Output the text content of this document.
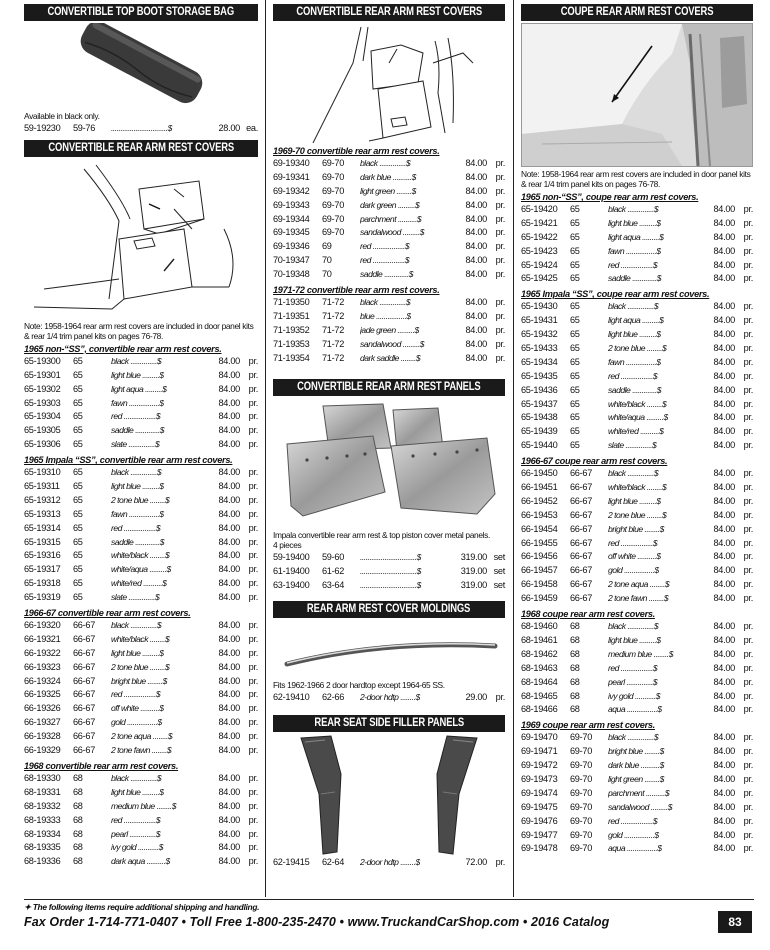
CONVERTIBLE TOP BOOT STORAGE BAG
Available in black only.
59-19230	59-76	..............................$	28.00 ea.
CONVERTIBLE REAR ARM REST COVERS
Note: 1958-1964 rear arm rest covers are included in door panel kits & rear 1/4 trim panel kits on pages 76-78.
1965 non-“SS”, convertible rear arm rest covers.
65-19300	65	black ..............$	84.00 pr.
65-19301	65	light blue .........$	84.00 pr.
65-19302	65	light aqua .........$	84.00 pr.
65-19303	65	fawn ................$	84.00 pr.
65-19304	65	red .................$	84.00 pr.
65-19305	65	saddle .............$	84.00 pr.
65-19306	65	slate ..............$	84.00 pr.
1965 Impala “SS”, convertible rear arm rest covers.
65-19310	65	black ..............$	84.00 pr.
65-19311	65	light blue .........$	84.00 pr.
65-19312	65	2 tone blue ........$	84.00 pr.
65-19313	65	fawn ................$	84.00 pr.
65-19314	65	red .................$	84.00 pr.
65-19315	65	saddle .............$	84.00 pr.
65-19316	65	white/black ........$	84.00 pr.
65-19317	65	white/aqua .........$	84.00 pr.
65-19318	65	white/red ..........$	84.00 pr.
65-19319	65	slate ..............$	84.00 pr.
1966-67 convertible rear arm rest covers.
66-19320	66-67	black ..............$	84.00 pr.
66-19321	66-67	white/black ........$	84.00 pr.
66-19322	66-67	light blue .........$	84.00 pr.
66-19323	66-67	2 tone blue ........$	84.00 pr.
66-19324	66-67	bright blue ........$	84.00 pr.
66-19325	66-67	red .................$	84.00 pr.
66-19326	66-67	off white ..........$	84.00 pr.
66-19327	66-67	gold ................$	84.00 pr.
66-19328	66-67	2 tone aqua ........$	84.00 pr.
66-19329	66-67	2 tone fawn ........$	84.00 pr.
1968 convertible rear arm rest covers.
68-19330	68	black ..............$	84.00 pr.
68-19331	68	light blue .........$	84.00 pr.
68-19332	68	medium blue ........$	84.00 pr.
68-19333	68	red .................$	84.00 pr.
68-19334	68	pearl ..............$	84.00 pr.
68-19335	68	ivy gold ...........$	84.00 pr.
68-19336	68	dark aqua ..........$	84.00 pr.
CONVERTIBLE REAR ARM REST COVERS
1969-70 convertible rear arm rest covers.
69-19340	69-70	black ..............$	84.00 pr.
69-19341	69-70	dark blue ..........$	84.00 pr.
69-19342	69-70	light green ........$	84.00 pr.
69-19343	69-70	dark green .........$	84.00 pr.
69-19344	69-70	parchment ..........$	84.00 pr.
69-19345	69-70	sandalwood .........$	84.00 pr.
69-19346	69	red .................$	84.00 pr.
70-19347	70	red .................$	84.00 pr.
70-19348	70	saddle .............$	84.00 pr.
1971-72 convertible rear arm rest covers.
71-19350	71-72	black ..............$	84.00 pr.
71-19351	71-72	blue ................$	84.00 pr.
71-19352	71-72	jade green .........$	84.00 pr.
71-19353	71-72	sandalwood .........$	84.00 pr.
71-19354	71-72	dark saddle ........$	84.00 pr.
CONVERTIBLE REAR ARM REST PANELS
Impala convertible rear arm rest & top piston cover metal panels.
4 pieces
59-19400	59-60	..............................$	319.00 set
61-19400	61-62	..............................$	319.00 set
63-19400	63-64	..............................$	319.00 set
REAR ARM REST COVER MOLDINGS
Fits 1962-1966 2 door hardtop except 1964-65 SS.
62-19410	62-66	2-door hdtp ........$	29.00 pr.
REAR SEAT SIDE FILLER PANELS
62-19415	62-64	2-door hdtp ........$	72.00 pr.
COUPE REAR ARM REST COVERS
Note: 1958-1964 rear arm rest covers are included in door panel kits & rear 1/4 trim panel kits on pages 76-78.
1965 non-“SS”, coupe rear arm rest covers.
65-19420	65	black ..............$	84.00 pr.
65-19421	65	light blue .........$	84.00 pr.
65-19422	65	light aqua .........$	84.00 pr.
65-19423	65	fawn ................$	84.00 pr.
65-19424	65	red .................$	84.00 pr.
65-19425	65	saddle .............$	84.00 pr.
1965 Impala “SS”, coupe rear arm rest covers.
65-19430	65	black ..............$	84.00 pr.
65-19431	65	light aqua .........$	84.00 pr.
65-19432	65	light blue .........$	84.00 pr.
65-19433	65	2 tone blue ........$	84.00 pr.
65-19434	65	fawn ................$	84.00 pr.
65-19435	65	red .................$	84.00 pr.
65-19436	65	saddle .............$	84.00 pr.
65-19437	65	white/black ........$	84.00 pr.
65-19438	65	white/aqua .........$	84.00 pr.
65-19439	65	white/red ..........$	84.00 pr.
65-19440	65	slate ..............$	84.00 pr.
1966-67 coupe rear arm rest covers.
66-19450	66-67	black ..............$	84.00 pr.
66-19451	66-67	white/black ........$	84.00 pr.
66-19452	66-67	light blue .........$	84.00 pr.
66-19453	66-67	2 tone blue ........$	84.00 pr.
66-19454	66-67	bright blue ........$	84.00 pr.
66-19455	66-67	red .................$	84.00 pr.
66-19456	66-67	off white ..........$	84.00 pr.
66-19457	66-67	gold ................$	84.00 pr.
66-19458	66-67	2 tone aqua ........$	84.00 pr.
66-19459	66-67	2 tone fawn ........$	84.00 pr.
1968 coupe rear arm rest covers.
68-19460	68	black ..............$	84.00 pr.
68-19461	68	light blue .........$	84.00 pr.
68-19462	68	medium blue ........$	84.00 pr.
68-19463	68	red .................$	84.00 pr.
68-19464	68	pearl ..............$	84.00 pr.
68-19465	68	ivy gold ...........$	84.00 pr.
68-19466	68	aqua ................$	84.00 pr.
1969 coupe rear arm rest covers.
69-19470	69-70	black ..............$	84.00 pr.
69-19471	69-70	bright blue ........$	84.00 pr.
69-19472	69-70	dark blue ..........$	84.00 pr.
69-19473	69-70	light green ........$	84.00 pr.
69-19474	69-70	parchment ..........$	84.00 pr.
69-19475	69-70	sandalwood .........$	84.00 pr.
69-19476	69-70	red .................$	84.00 pr.
69-19477	69-70	gold ................$	84.00 pr.
69-19478	69-70	aqua ................$	84.00 pr.
✦ The following items require additional shipping and handling.
Fax Order 1-714-771-0407 • Toll Free 1-800-235-2470 • www.TruckandCarShop.com • 2016 Catalog	83
